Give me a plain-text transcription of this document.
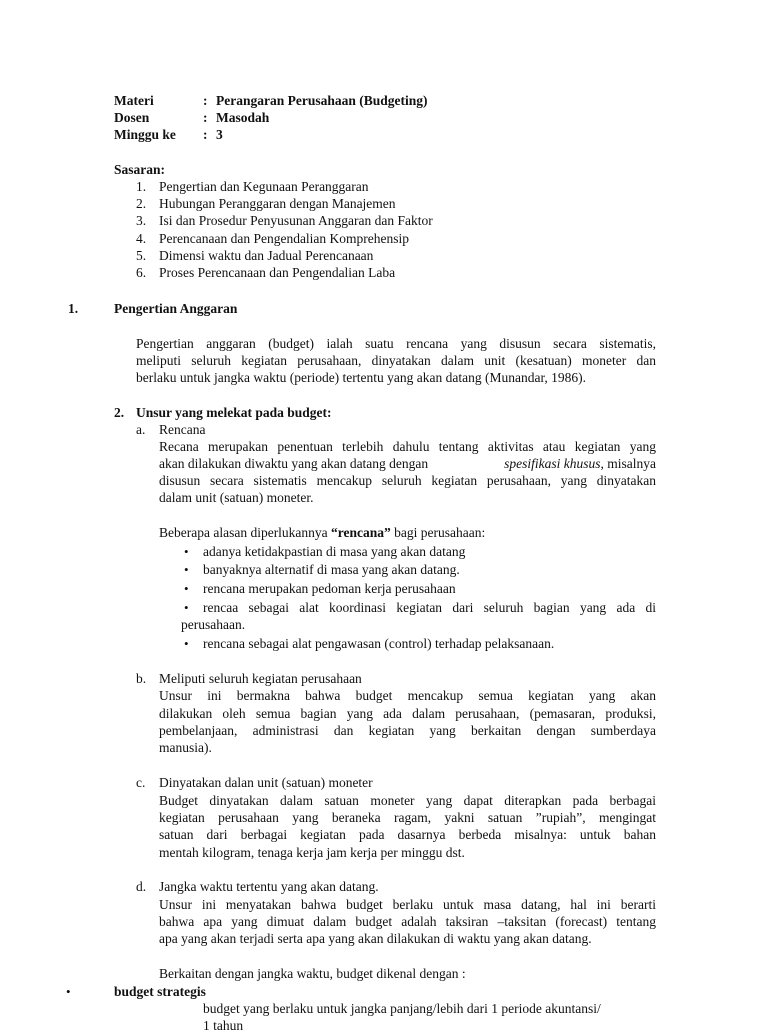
Materi	: Perangaran Perusahaan (Budgeting)
Dosen	: Masodah
Minggu ke : 3
Sasaran:
1. Pengertian dan Kegunaan Peranggaran
2. Hubungan Peranggaran dengan Manajemen
3. Isi dan Prosedur Penyusunan Anggaran dan Faktor
4. Perencanaan dan Pengendalian Komprehensip
5. Dimensi waktu dan Jadual Perencanaan
6. Proses Perencanaan dan Pengendalian Laba
1.	Pengertian Anggaran
Pengertian anggaran (budget) ialah suatu rencana yang disusun secara sistematis,
meliputi seluruh kegiatan perusahaan, dinyatakan dalam unit (kesatuan) moneter dan
berlaku untuk jangka waktu (periode) tertentu yang akan datang (Munandar, 1986).
2. Unsur yang melekat pada budget:
a. Rencana
Recana merupakan penentuan terlebih dahulu tentang aktivitas atau kegiatan yang
akan dilakukan diwaktu yang akan datang dengan	spesifikasi khusus, misalnya
disusun secara sistematis mencakup seluruh kegiatan perusahaan, yang dinyatakan
dalam unit (satuan) moneter.
Beberapa alasan diperlukannya “rencana” bagi perusahaan:
• adanya ketidakpastian di masa yang akan datang
• banyaknya alternatif di masa yang akan datang.
• rencana merupakan pedoman kerja perusahaan
• rencaa sebagai alat koordinasi kegiatan dari seluruh bagian yang ada di
perusahaan.
• rencana sebagai alat pengawasan (control) terhadap pelaksanaan.
b. Meliputi seluruh kegiatan perusahaan
Unsur ini bermakna bahwa budget mencakup semua kegiatan yang akan
dilakukan oleh semua bagian yang ada dalam perusahaan, (pemasaran, produksi,
pembelanjaan, administrasi dan kegiatan yang berkaitan dengan sumberdaya
manusia).
c. Dinyatakan dalan unit (satuan) moneter
Budget dinyatakan dalam satuan moneter yang dapat diterapkan pada berbagai
kegiatan perusahaan yang beraneka ragam, yakni satuan ”rupiah”, mengingat
satuan dari berbagai kegiatan pada dasarnya berbeda misalnya: untuk bahan
mentah kilogram, tenaga kerja jam kerja per minggu dst.
d. Jangka waktu tertentu yang akan datang.
Unsur ini menyatakan bahwa budget berlaku untuk masa datang, hal ini berarti
bahwa apa yang dimuat dalam budget adalah taksiran –taksitan (forecast) tentang
apa yang akan terjadi serta apa yang akan dilakukan di waktu yang akan datang.
Berkaitan dengan jangka waktu, budget dikenal dengan :
•	budget strategis
budget yang berlaku untuk jangka panjang/lebih dari 1 periode akuntansi/
1 tahun
